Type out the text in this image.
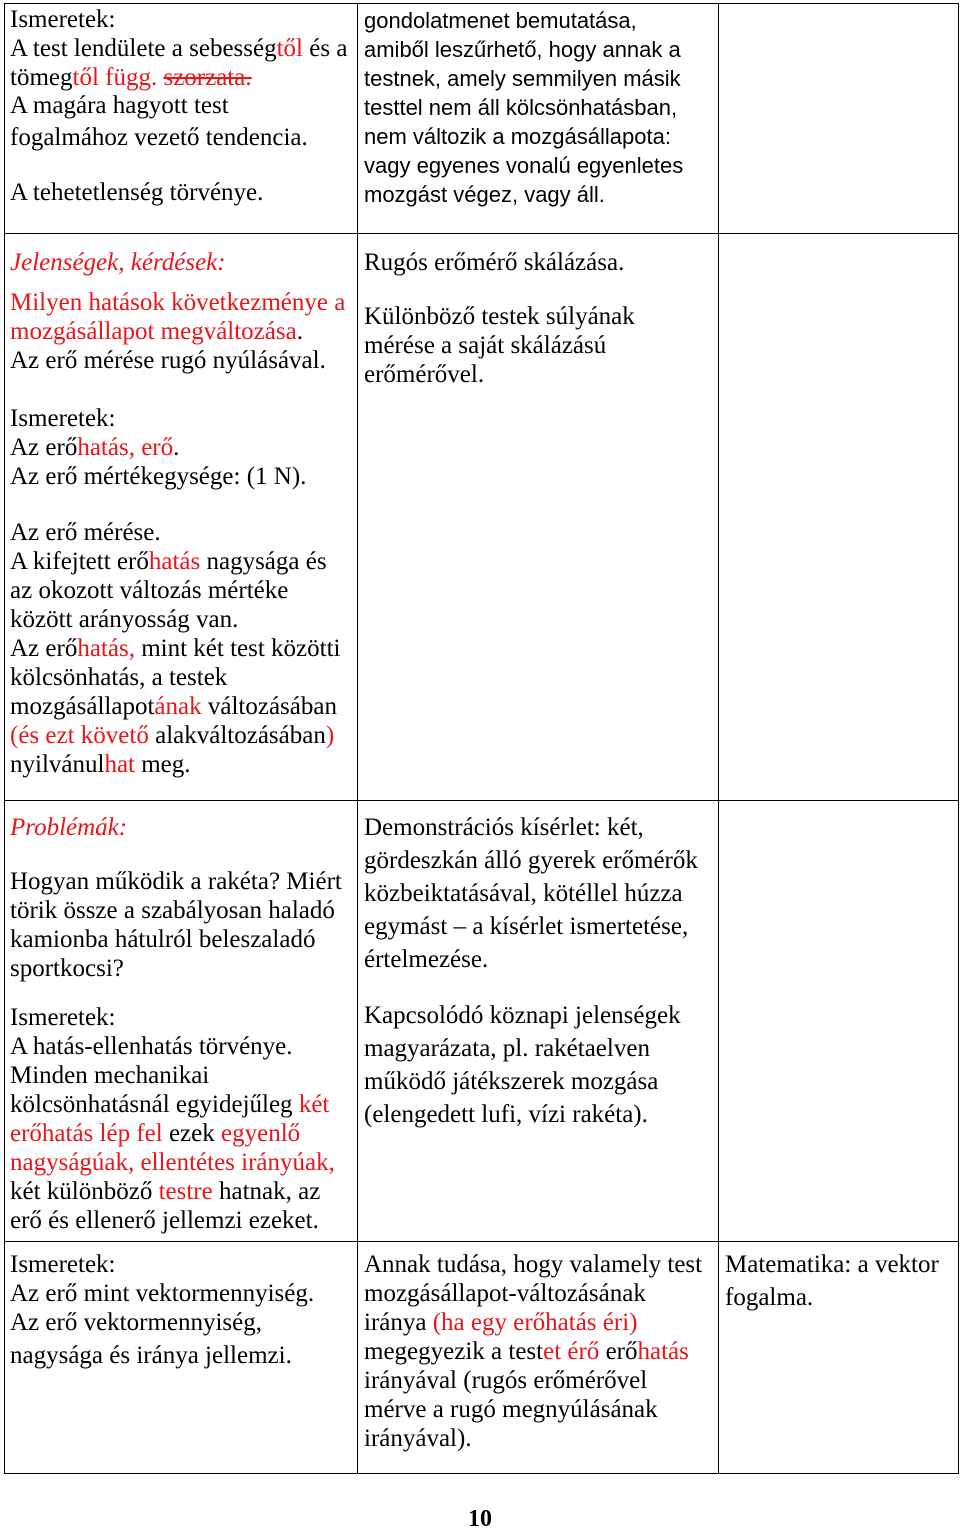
Ismeretek:
A test lendülete a sebességtől és a
tömegtől függ. szorzata.
A magára hagyott test
fogalmához vezető tendencia.
A tehetetlenség törvénye.
gondolatmenet bemutatása,
amiből leszűrhető, hogy annak a
testnek, amely semmilyen másik
testtel nem áll kölcsönhatásban,
nem változik a mozgásállapota:
vagy egyenes vonalú egyenletes
mozgást végez, vagy áll.
Jelenségek, kérdések:
Milyen hatások következménye a
mozgásállapot megváltozása.
Az erő mérése rugó nyúlásával.
Ismeretek:
Az erőhatás, erő.
Az erő mértékegysége: (1 N).
Az erő mérése.
A kifejtett erőhatás nagysága és
az okozott változás mértéke
között arányosság van.
Az erőhatás, mint két test közötti
kölcsönhatás, a testek
mozgásállapotának változásában
(és ezt követő alakváltozásában)
nyilvánulhat meg.
Rugós erőmérő skálázása.
Különböző testek súlyának
mérése a saját skálázású
erőmérővel.
Problémák:
Hogyan működik a rakéta? Miért
törik össze a szabályosan haladó
kamionba hátulról beleszaladó
sportkocsi?
Ismeretek:
A hatás-ellenhatás törvénye.
Minden mechanikai
kölcsönhatásnál egyidejűleg két
erőhatás lép fel ezek egyenlő
nagyságúak, ellentétes irányúak,
két különböző testre hatnak, az
erő és ellenerő jellemzi ezeket.
Demonstrációs kísérlet: két,
gördeszkán álló gyerek erőmérők
közbeiktatásával, kötéllel húzza
egymást – a kísérlet ismertetése,
értelmezése.
Kapcsolódó köznapi jelenségek
magyarázata, pl. rakétaelven
működő játékszerek mozgása
(elengedett lufi, vízi rakéta).
Ismeretek:
Az erő mint vektormennyiség.
Az erő vektormennyiség,
nagysága és iránya jellemzi.
Annak tudása, hogy valamely test
mozgásállapot-változásának
iránya (ha egy erőhatás éri)
megegyezik a testet érő erőhatás
irányával (rugós erőmérővel
mérve a rugó megnyúlásának
irányával).
Matematika: a vektor
fogalma.
10
